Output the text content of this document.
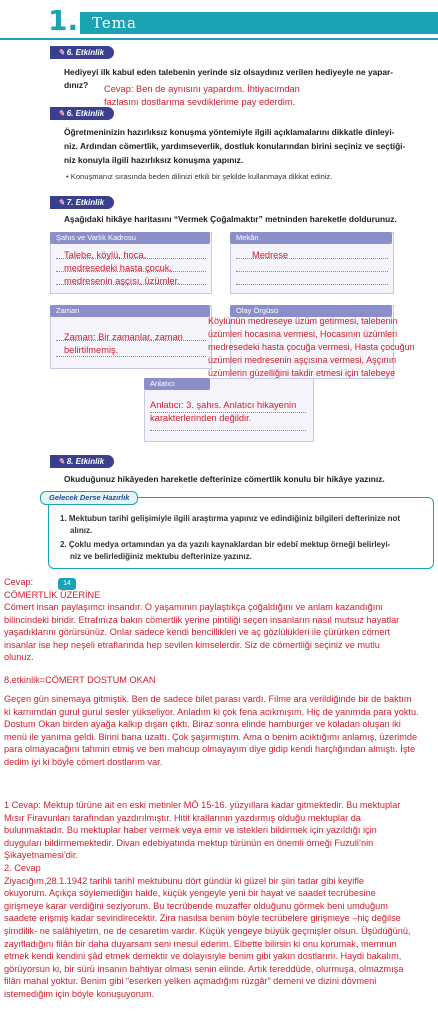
1. Tema
✎ 6. Etkinlik
Hediyeyi ilk kabul eden talebenin yerinde siz olsaydınız verilen hediyeyle ne yapar-
dınız? Cevap: Ben de aynısını yapardım. İhtiyacımdan
fazlasını dostlarıma sevdiklerime pay ederdim.
✎ 6. Etkinlik
Öğretmeninizin hazırlıksız konuşma yöntemiyle ilgili açıklamalarını dikkatle dinleyi-
niz. Ardından cömertlik, yardımseverlik, dostluk konularından birini seçiniz ve seçtiği-
niz konuyla ilgili hazırlıksız konuşma yapınız.
• Konuşmanız sırasında beden dilinizi etkili bir şekilde kullanmaya dikkat ediniz.
✎ 7. Etkinlik
Aşağıdaki hikâye haritasını “Vermek Çoğalmaktır” metninden hareketle doldurunuz.
Şahıs ve Varlık Kadrosu
Talebe, köylü, hoca,
medresedeki hasta çocuk,
medresenin aşçısı, üzümler.
Mekân
Medrese
Zaman
Zaman: Bir zamanlar, zaman
belirtilmemiş.
Olay Örgüsü
Köylünün medreseye üzüm getirmesi, talebenin
üzümleri hocasına vermesi, Hocasının üzümleri
medresedeki hasta çocuğa vermesi, Hasta çocuğun
üzümleri medresenin aşçısına vermesi, Aşçının
üzümlerin güzelliğini takdir etmesi için talebeye
Anlatıcı
Anlatıcı: 3. şahıs. Anlatıcı hikayenin
karakterlerinden değildir.
✎ 8. Etkinlik
Okuduğunuz hikâyeden hareketle defterinize cömertlik konulu bir hikâye yazınız.
Gelecek Derse Hazırlık
1. Mektubun tarihî gelişimiyle ilgili araştırma yapınız ve edindiğiniz bilgileri defterinize not
alınız.
2. Çoklu medya ortamından ya da yazılı kaynaklardan bir edebî mektup örneği belirleyi-
niz ve belirlediğiniz mektubu defterinize yazınız.
14
Cevap:
CÖMERTLİK ÜZERİNE
Cömert insan paylaşımcı insandır. O yaşamının paylaştıkça çoğaldığını ve anlam kazandığını
bilincindeki biridir. Etrafınıza bakın cömertlik yerine pintiliği seçen insanların nasıl mutsuz hayatlar
yaşadıklarını görürsünüz. Onlar sadece kendi bencillikleri ve aç gözlülükleri ile çürürken cömert
insanlar ise hep neşeli etraflarında hep sevilen kimselerdir. Siz de cömertliği seçiniz ve mutlu
olunuz.
8.etkinlik=CÖMERT DOSTUM OKAN
Geçen gün sinemaya gitmiştik. Ben de sadece bilet parası vardı. Filme ara verildiğinde bir de baktım
ki karnımdan gurul gurul sesler yükseliyor. Anladım ki çok fena acıkmışım. Hiç de yanımda para yoktu.
Dostum Okan birden ayağa kalkıp dışarı çıktı. Biraz sonra elinde hamburger ve koladan oluşan iki
menü ile yanıma geldi. Birini bana uzattı. Çok şaşırmıştım. Ama o benim acıktığımı anlamış, üzerimde
para olmayacağını tahmin etmiş ve ben mahcup olmayayım diye gidip kendi harçlığından almıştı. İşte
dedim iyi ki böyle cömert dostlarım var.
1 Cevap: Mektup türüne ait en eski metinler MÖ 15-16. yüzyıllara kadar gitmektedir. Bu mektuplar
Mısır Firavunları tarafından yazdırılmıştır. Hitit krallarının yazdırmış olduğu mektuplar da
bulunmaktadır. Bu mektuplar haber vermek veya emir ve istekleri bildirmek için yazıldığı için
duyguları bildirmemektedir. Divan edebiyatında mektup türünün en önemli örneği Fuzuli’nin
Şikayetnamesi’dir.
2. Cevap
Ziyacığım,28.1.1942 tarihli tarihî mektubunu dört gündür ki güzel bir şiiri tadar gibi keyifle
okuyorum. Açıkça söylemediğin halde, küçük yengeyle yeni bir hayat ve saadet tecrübesine
girişmeye karar verdiğini seziyorum. Bu tecrübende muzaffer olduğunu görmek beni umduğum
saadete erişmiş kadar sevindirecektir. Zira nasılsa benim böyle tecrübelere girişmeye –hiç değilse
şimdilik- ne salâhiyetim, ne de cesaretim vardır. Küçük yengeye büyük geçmişler olsun. Üşüdüğünü,
zayıfladığını filân bir daha duyarsam seni mesul ederim. Elbette bilirsin ki onu korumak, memnun
etmek kendi kendini şâd etmek demektir ve dolayısıyle benim gibi yakın dostlarını. Haydi bakalım,
görüyorsun ki, bir sürü insanın bahtiyar olması senin elinde. Artık tereddüde, olurmuşa, olmazmışa
filân mahal yoktur. Benim gibi “eserken yelken açmadığım rüzgâr” demeni ve dizini dövmeni
istemediğim için böyle konuşuyorum.
